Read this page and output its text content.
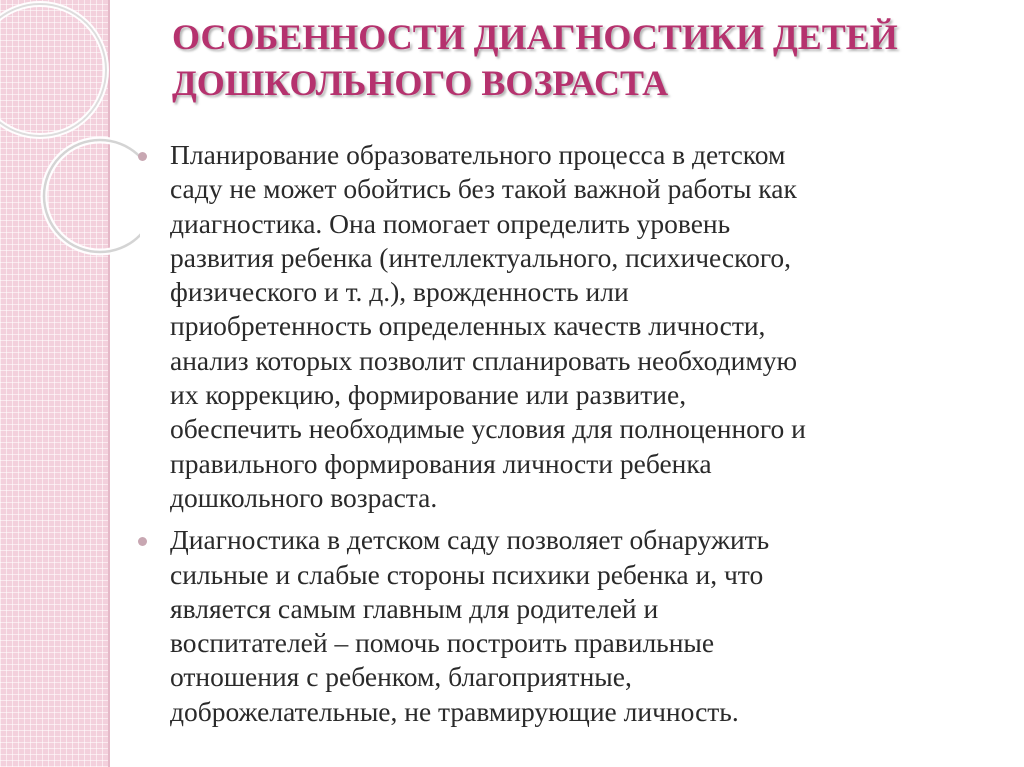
ОСОБЕННОСТИ ДИАГНОСТИКИ ДЕТЕЙ
ДОШКОЛЬНОГО ВОЗРАСТА
Планирование образовательного процесса в детском
саду не может обойтись без такой важной работы как
диагностика. Она помогает определить уровень
развития ребенка (интеллектуального, психического,
физического и т. д.), врожденность или
приобретенность определенных качеств личности,
анализ которых позволит спланировать необходимую
их коррекцию, формирование или развитие,
обеспечить необходимые условия для полноценного и
правильного формирования личности ребенка
дошкольного возраста.
Диагностика в детском саду позволяет обнаружить
сильные и слабые стороны психики ребенка и, что
является самым главным для родителей и
воспитателей – помочь построить правильные
отношения с ребенком, благоприятные,
доброжелательные, не травмирующие личность.
